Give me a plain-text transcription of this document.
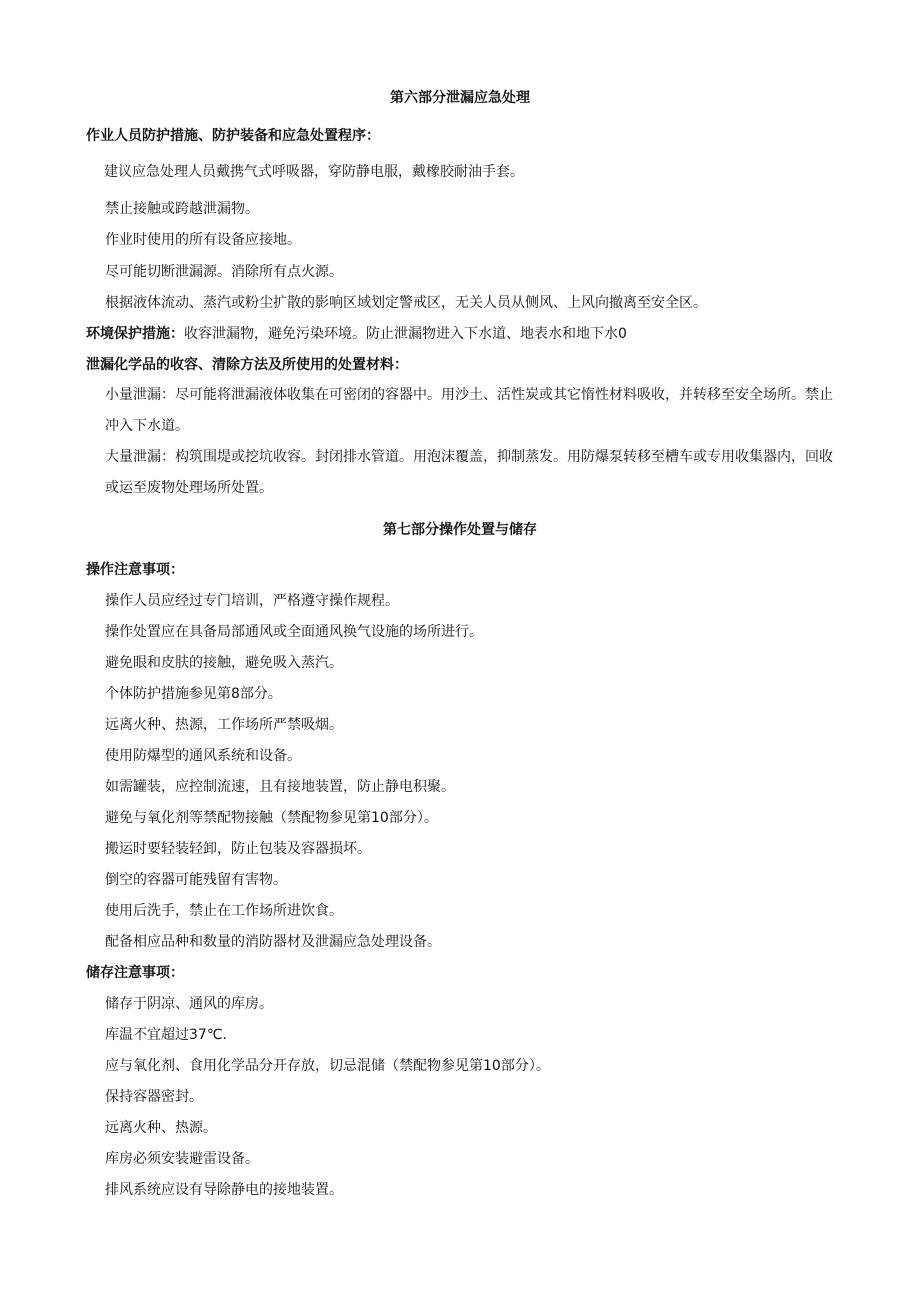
第六部分泄漏应急处理

作业人员防护措施、防护装备和应急处置程序：

建议应急处理人员戴携气式呼吸器，穿防静电服，戴橡胶耐油手套。

禁止接触或跨越泄漏物。

作业时使用的所有设备应接地。

尽可能切断泄漏源。消除所有点火源。

根据液体流动、蒸汽或粉尘扩散的影响区域划定警戒区，无关人员从侧风、上风向撤离至安全区。

环境保护措施：收容泄漏物，避免污染环境。防止泄漏物进入下水道、地表水和地下水0

泄漏化学品的收容、清除方法及所使用的处置材料：

小量泄漏：尽可能将泄漏液体收集在可密闭的容器中。用沙土、活性炭或其它惰性材料吸收，并转移至安全场所。禁止冲入下水道。

大量泄漏：构筑围堤或挖坑收容。封闭排水管道。用泡沫覆盖，抑制蒸发。用防爆泵转移至槽车或专用收集器内，回收或运至废物处理场所处置。

第七部分操作处置与储存

操作注意事项：

操作人员应经过专门培训，严格遵守操作规程。

操作处置应在具备局部通风或全面通风换气设施的场所进行。

避免眼和皮肤的接触，避免吸入蒸汽。

个体防护措施参见第8部分。

远离火种、热源，工作场所严禁吸烟。

使用防爆型的通风系统和设备。

如需罐装，应控制流速，且有接地装置，防止静电积聚。

避免与氧化剂等禁配物接触（禁配物参见第10部分）。

搬运时要轻装轻卸，防止包装及容器损坏。

倒空的容器可能残留有害物。

使用后洗手，禁止在工作场所进饮食。

配备相应品种和数量的消防器材及泄漏应急处理设备。

储存注意事项：

储存于阴凉、通风的库房。

库温不宜超过37℃.

应与氧化剂、食用化学品分开存放，切忌混储（禁配物参见第10部分）。

保持容器密封。

远离火种、热源。

库房必须安装避雷设备。

排风系统应设有导除静电的接地装置。
